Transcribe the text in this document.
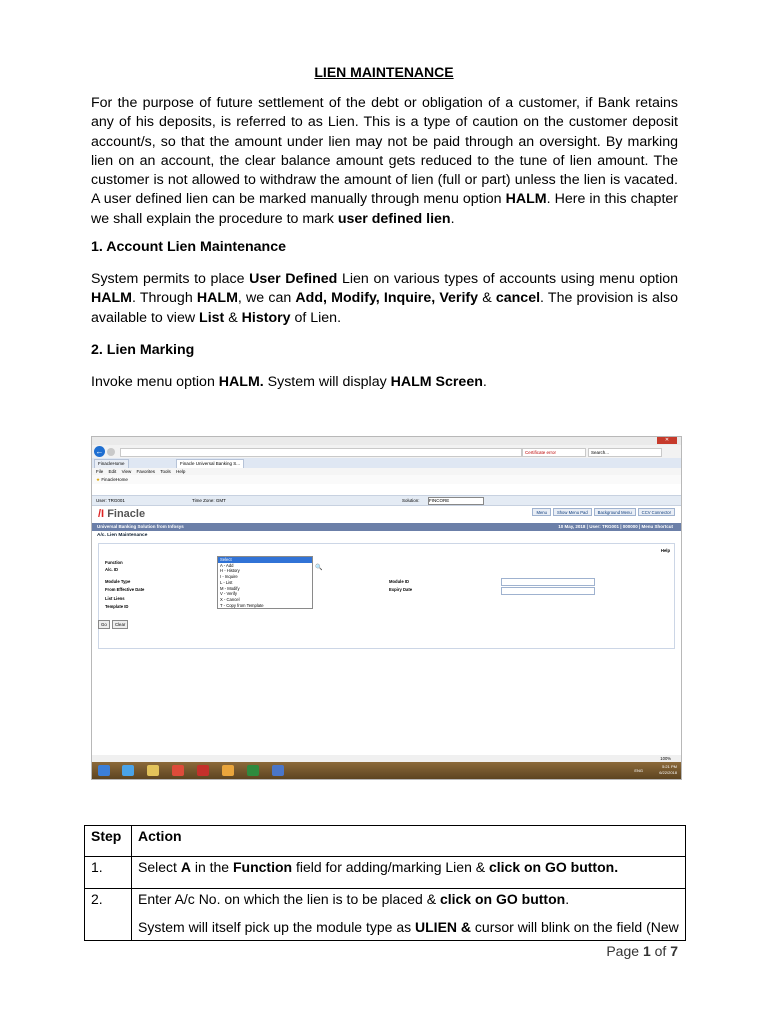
LIEN MAINTENANCE
For the purpose of future settlement of the debt or obligation of a customer, if Bank retains any of his deposits, is referred to as Lien. This is a type of caution on the customer deposit account/s, so that the amount under lien may not be paid through an oversight. By marking lien on an account, the clear balance amount gets reduced to the tune of lien amount. The customer is not allowed to withdraw the amount of lien (full or part) unless the lien is vacated. A user defined lien can be marked manually through menu option HALM. Here in this chapter we shall explain the procedure to mark user defined lien.
1. Account Lien Maintenance
System permits to place User Defined Lien on various types of accounts using menu option HALM. Through HALM, we can Add, Modify, Inquire, Verify & cancel. The provision is also available to view List & History of Lien.
2. Lien Marking
Invoke menu option HALM. System will display HALM Screen.
✕
←	Certificate error	Search...
FinacleHome	Finacle Universal Banking S...
File Edit View Favorites Tools Help
★ FinacleHome
User: TRG001	Time Zone: GMT	Solution: FINCORE
/I Finacle	Menu	Show Menu Pad	Background Menu	CCV Connector
Universal Banking Solution from Infosys	10 May, 2018 | User: TRG001 | 000000 | Menu Shortcut
A/c. Lien Maintenance
Help
Function
A/c. ID
Module Type
From Effective Date
List Liens
Template ID
Module ID
Expiry Date
🔍
Select
A - Add
H - History
I - Inquire
L - List
M - Modify
V - Verify
X - Cancel
T - Copy from Template
Go	Clear
100%
5:21 PM
6/22/2018
ENG
Step	Action
1.	Select A in the Function field for adding/marking Lien & click on GO button.
2.	Enter A/c No. on which the lien is to be placed & click on GO button.
System will itself pick up the module type as ULIEN & cursor will blink on the field (New
Page 1 of 7
